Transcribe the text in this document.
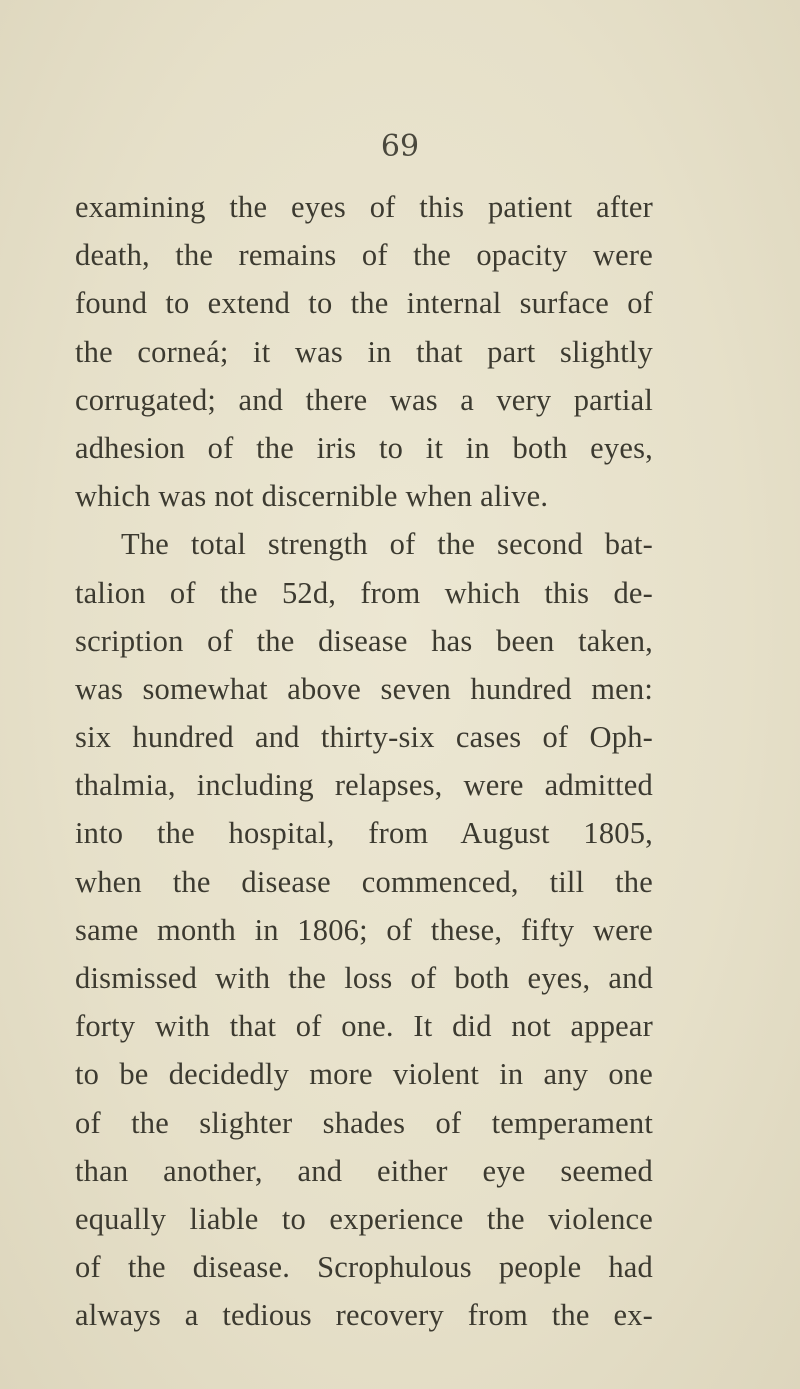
69
examining the eyes of this patient after
death, the remains of the opacity were
found to extend to the internal surface of
the corneá; it was in that part slightly
corrugated; and there was a very partial
adhesion of the iris to it in both eyes,
which was not discernible when alive.
The total strength of the second bat-
talion of the 52d, from which this de-
scription of the disease has been taken,
was somewhat above seven hundred men:
six hundred and thirty-six cases of Oph-
thalmia, including relapses, were admitted
into the hospital, from August 1805,
when the disease commenced, till the
same month in 1806; of these, fifty were
dismissed with the loss of both eyes, and
forty with that of one. It did not appear
to be decidedly more violent in any one
of the slighter shades of temperament
than another, and either eye seemed
equally liable to experience the violence
of the disease. Scrophulous people had
always a tedious recovery from the ex-
